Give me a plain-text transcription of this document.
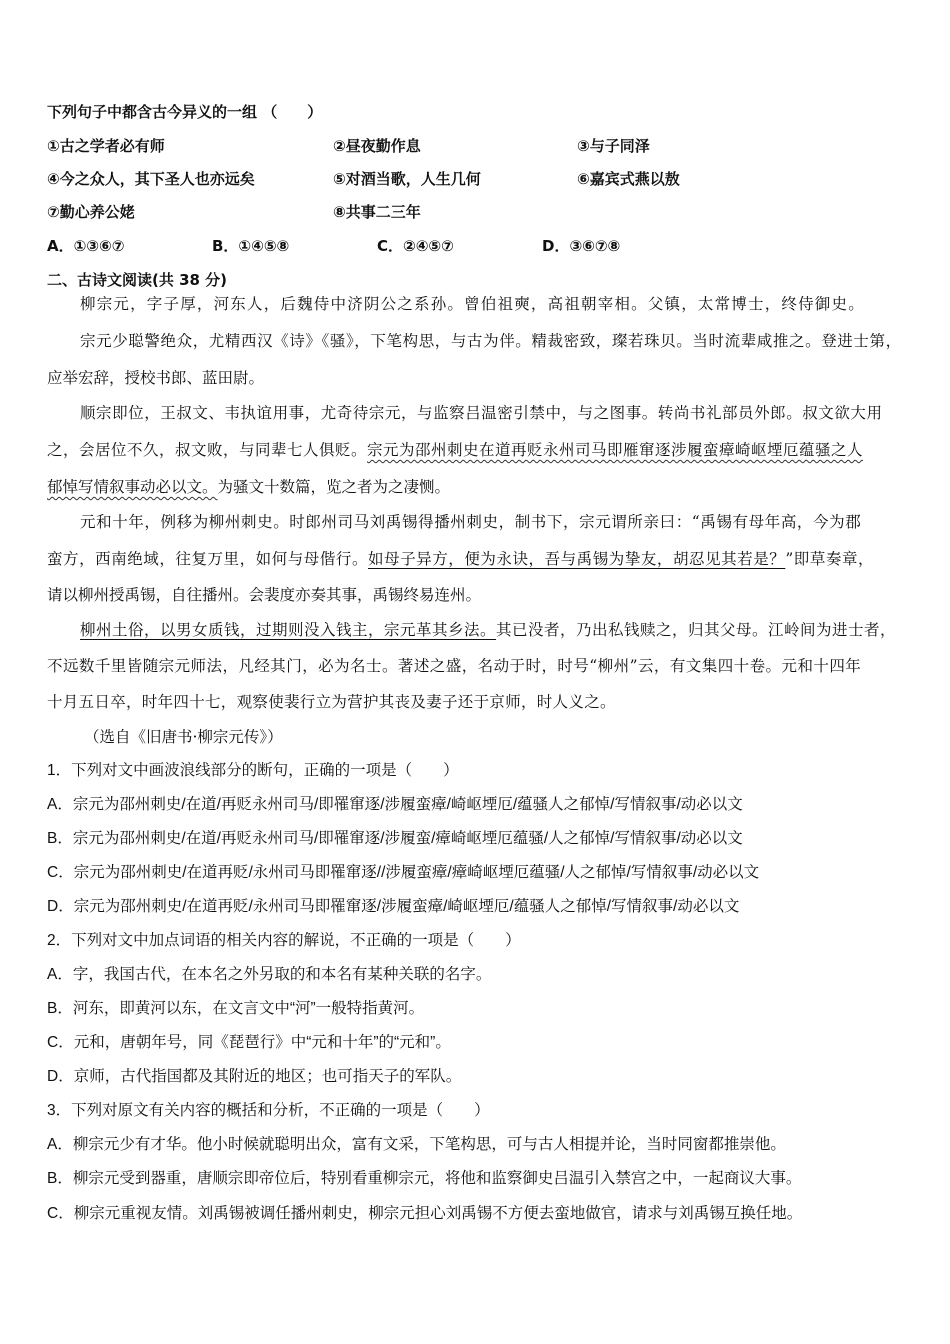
下列句子中都含古今异义的一组 （　　）
①古之学者必有师	②昼夜勤作息	③与子同泽
④今之众人，其下圣人也亦远矣	⑤对酒当歌，人生几何	⑥嘉宾式燕以敖
⑦勤心养公姥	⑧共事二三年
A．①③⑥⑦	B．①④⑤⑧	C．②④⑤⑦	D．③⑥⑦⑧
二、古诗文阅读(共 38 分)
柳宗元，字子厚，河东人，后魏侍中济阴公之系孙。曾伯祖奭，高祖朝宰相。父镇，太常博士，终侍御史。
宗元少聪警绝众，尤精西汉《诗》《骚》，下笔构思，与古为伴。精裁密致，璨若珠贝。当时流辈咸推之。登进士第，
应举宏辞，授校书郎、蓝田尉。
顺宗即位，王叔文、韦执谊用事，尤奇待宗元，与监察吕温密引禁中，与之图事。转尚书礼部员外郎。叔文欲大用
之，会居位不久，叔文败，与同辈七人俱贬。宗元为邵州刺史在道再贬永州司马即雁窜逐涉履蛮瘴崎岖堙厄蕴骚之人
郁悼写情叙事动必以文。为骚文十数篇，览之者为之凄恻。
元和十年，例移为柳州刺史。时郎州司马刘禹锡得播州刺史，制书下，宗元谓所亲曰：“禹锡有母年高，今为郡
蛮方，西南绝域，往复万里，如何与母偕行。如母子异方，便为永诀，吾与禹锡为挚友，胡忍见其若是？”即草奏章，
请以柳州授禹锡，自往播州。会裴度亦奏其事，禹锡终易连州。
柳州土俗，以男女质钱，过期则没入钱主，宗元革其乡法。其已没者，乃出私钱赎之，归其父母。江岭间为进士者，
不远数千里皆随宗元师法，凡经其门，必为名士。著述之盛，名动于时，时号“柳州”云，有文集四十卷。元和十四年
十月五日卒，时年四十七，观察使裴行立为营护其丧及妻子还于京师，时人义之。
（选自《旧唐书·柳宗元传》）
1．下列对文中画波浪线部分的断句，正确的一项是（　　）
A．宗元为邵州刺史/在道/再贬永州司马/即罹窜逐/涉履蛮瘴/崎岖堙厄/蕴骚人之郁悼/写情叙事/动必以文
B．宗元为邵州刺史/在道/再贬永州司马/即罹窜逐/涉履蛮/瘴崎岖堙厄蕴骚/人之郁悼/写情叙事/动必以文
C．宗元为邵州刺史/在道再贬/永州司马即罹窜逐//涉履蛮瘴/瘴崎岖堙厄蕴骚/人之郁悼/写情叙事/动必以文
D．宗元为邵州刺史/在道再贬/永州司马即罹窜逐/涉履蛮瘴/崎岖堙厄/蕴骚人之郁悼/写情叙事/动必以文
2．下列对文中加点词语的相关内容的解说，不正确的一项是（　　）
A．字，我国古代，在本名之外另取的和本名有某种关联的名字。
B．河东，即黄河以东，在文言文中“河”一般特指黄河。
C．元和，唐朝年号，同《琵琶行》中“元和十年”的“元和”。
D．京师，古代指国都及其附近的地区；也可指天子的军队。
3．下列对原文有关内容的概括和分析，不正确的一项是（　　）
A．柳宗元少有才华。他小时候就聪明出众，富有文采，下笔构思，可与古人相提并论，当时同窗都推崇他。
B．柳宗元受到器重，唐顺宗即帝位后，特别看重柳宗元，将他和监察御史吕温引入禁宫之中，一起商议大事。
C．柳宗元重视友情。刘禹锡被调任播州刺史，柳宗元担心刘禹锡不方便去蛮地做官，请求与刘禹锡互换任地。
